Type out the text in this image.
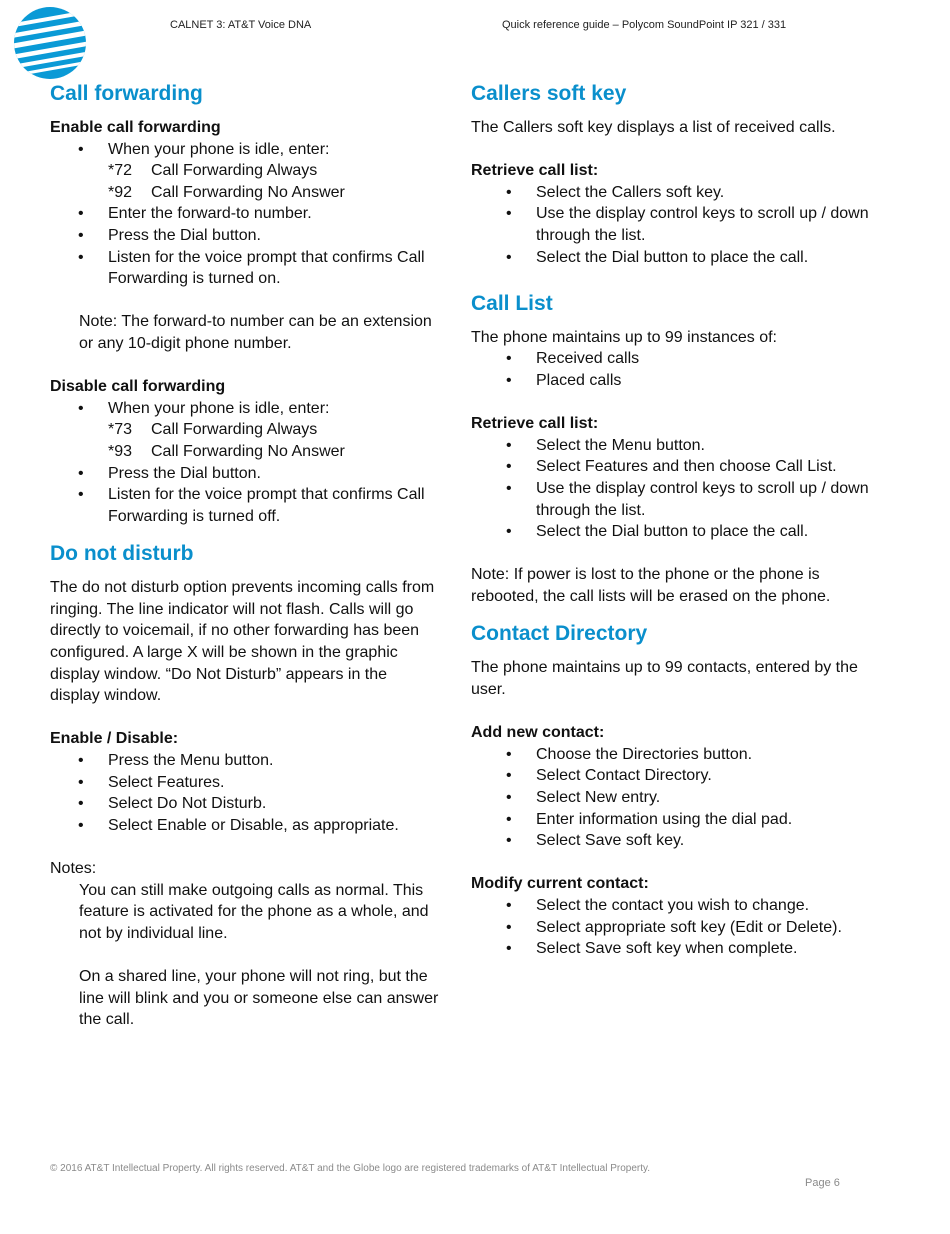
CALNET 3: AT&T Voice DNA	Quick reference guide – Polycom SoundPoint IP 321 / 331
Call forwarding
Enable call forwarding
• When your phone is idle, enter:
*72	Call Forwarding Always
*92	Call Forwarding No Answer
• Enter the forward-to number.
• Press the Dial button.
• Listen for the voice prompt that confirms Call Forwarding is turned on.
Note: The forward-to number can be an extension or any 10-digit phone number.
Disable call forwarding
• When your phone is idle, enter:
*73	Call Forwarding Always
*93	Call Forwarding No Answer
• Press the Dial button.
• Listen for the voice prompt that confirms Call Forwarding is turned off.
Do not disturb
The do not disturb option prevents incoming calls from ringing. The line indicator will not flash. Calls will go directly to voicemail, if no other forwarding has been configured. A large X will be shown in the graphic display window. “Do Not Disturb” appears in the display window.
Enable / Disable:
• Press the Menu button.
• Select Features.
• Select Do Not Disturb.
• Select Enable or Disable, as appropriate.
Notes:
You can still make outgoing calls as normal. This feature is activated for the phone as a whole, and not by individual line.
On a shared line, your phone will not ring, but the line will blink and you or someone else can answer the call.
Callers soft key
The Callers soft key displays a list of received calls.
Retrieve call list:
• Select the Callers soft key.
• Use the display control keys to scroll up / down through the list.
• Select the Dial button to place the call.
Call List
The phone maintains up to 99 instances of:
• Received calls
• Placed calls
Retrieve call list:
• Select the Menu button.
• Select Features and then choose Call List.
• Use the display control keys to scroll up / down through the list.
• Select the Dial button to place the call.
Note: If power is lost to the phone or the phone is rebooted, the call lists will be erased on the phone.
Contact Directory
The phone maintains up to 99 contacts, entered by the user.
Add new contact:
• Choose the Directories button.
• Select Contact Directory.
• Select New entry.
• Enter information using the dial pad.
• Select Save soft key.
Modify current contact:
• Select the contact you wish to change.
• Select appropriate soft key (Edit or Delete).
• Select Save soft key when complete.
© 2016 AT&T Intellectual Property. All rights reserved. AT&T and the Globe logo are registered trademarks of AT&T Intellectual Property.
Page 6
